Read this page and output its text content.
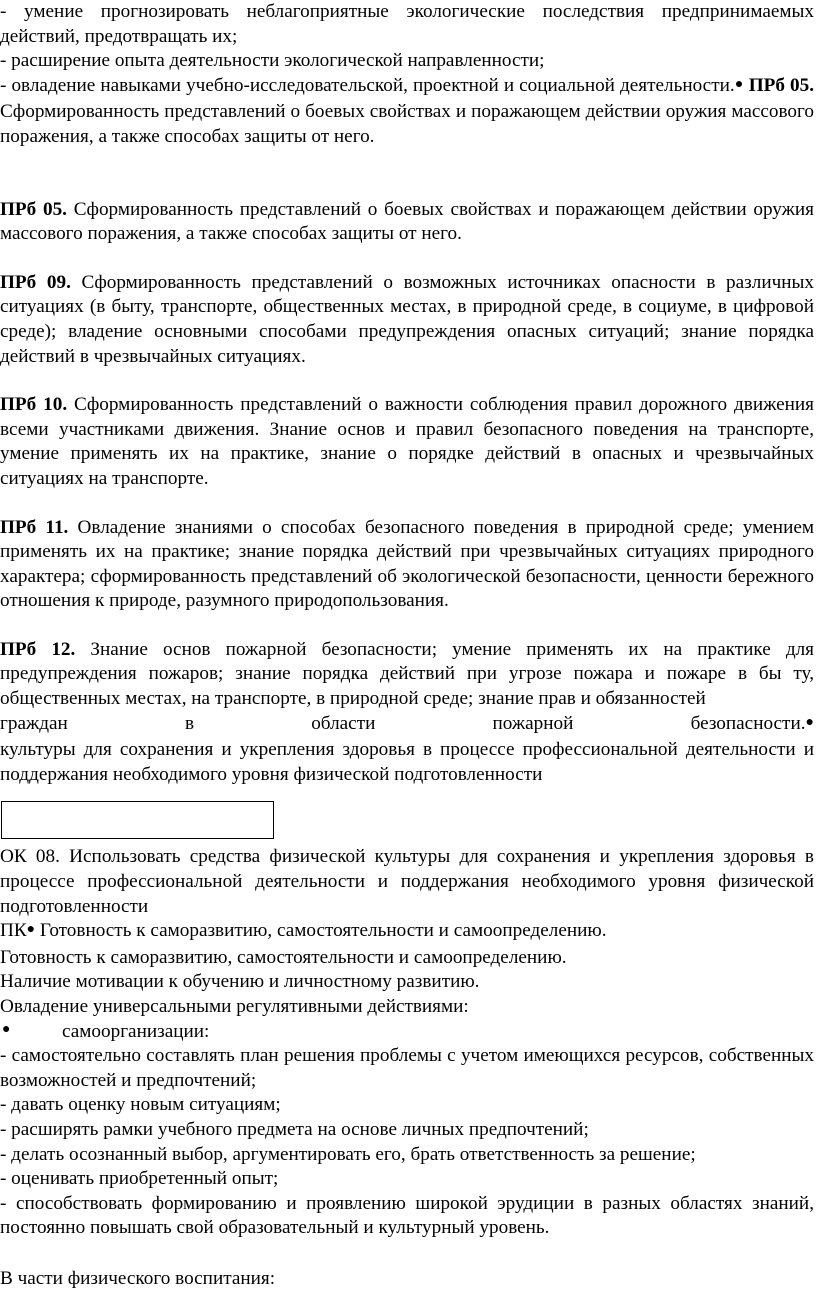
- умение прогнозировать неблагоприятные экологические последствия предпринимаемых действий, предотвращать их;

- расширение опыта деятельности экологической направленности;

- овладение навыками учебно-исследовательской, проектной и социальной деятельности.● ПРб 05. Сформированность представлений о боевых свойствах и поражающем действии оружия массового поражения, а также способах защиты от него.

ПРб 05. Сформированность представлений о боевых свойствах и поражающем действии оружия массового поражения, а также способах защиты от него.

ПРб 09. Сформированность представлений о возможных источниках опасности в различных ситуациях (в быту, транспорте, общественных местах, в природной среде, в социуме, в цифровой среде); владение основными способами предупреждения опасных ситуаций; знание порядка действий в чрезвычайных ситуациях.

ПРб 10. Сформированность представлений о важности соблюдения правил дорожного движения всеми участниками движения. Знание основ и правил безопасного поведения на транспорте, умение применять их на практике, знание о порядке действий в опасных и чрезвычайных ситуациях на транспорте.

ПРб 11. Овладение знаниями о способах безопасного поведения в природной среде; умением применять их на практике; знание порядка действий при чрезвычайных ситуациях природного характера; сформированность представлений об экологической безопасности, ценности бережного отношения к природе, разумного природопользования.

ПРб 12. Знание основ пожарной безопасности; умение применять их на практике для предупреждения пожаров; знание порядка действий при угрозе пожара и пожаре в бы ту, общественных местах, на транспорте, в природной среде; знание прав и обязанностей

граждан	в	области	пожарной	безопасности.●

культуры для сохранения и укрепления здоровья в процессе профессиональной деятельности и поддержания необходимого уровня физической подготовленности

ОК 08. Использовать средства физической культуры для сохранения и укрепления здоровья в процессе профессиональной деятельности и поддержания необходимого уровня физической подготовленности

ПК● Готовность к саморазвитию, самостоятельности и самоопределению.

Готовность к саморазвитию, самостоятельности и самоопределению.

Наличие мотивации к обучению и личностному развитию.

Овладение универсальными регулятивными действиями:

●	самоорганизации:

- самостоятельно составлять план решения проблемы с учетом имеющихся ресурсов, собственных возможностей и предпочтений;

- давать оценку новым ситуациям;

- расширять рамки учебного предмета на основе личных предпочтений;

- делать осознанный выбор, аргументировать его, брать ответственность за решение;

- оценивать приобретенный опыт;

- способствовать формированию и проявлению широкой эрудиции в разных областях знаний, постоянно повышать свой образовательный и культурный уровень.

В части физического воспитания:
